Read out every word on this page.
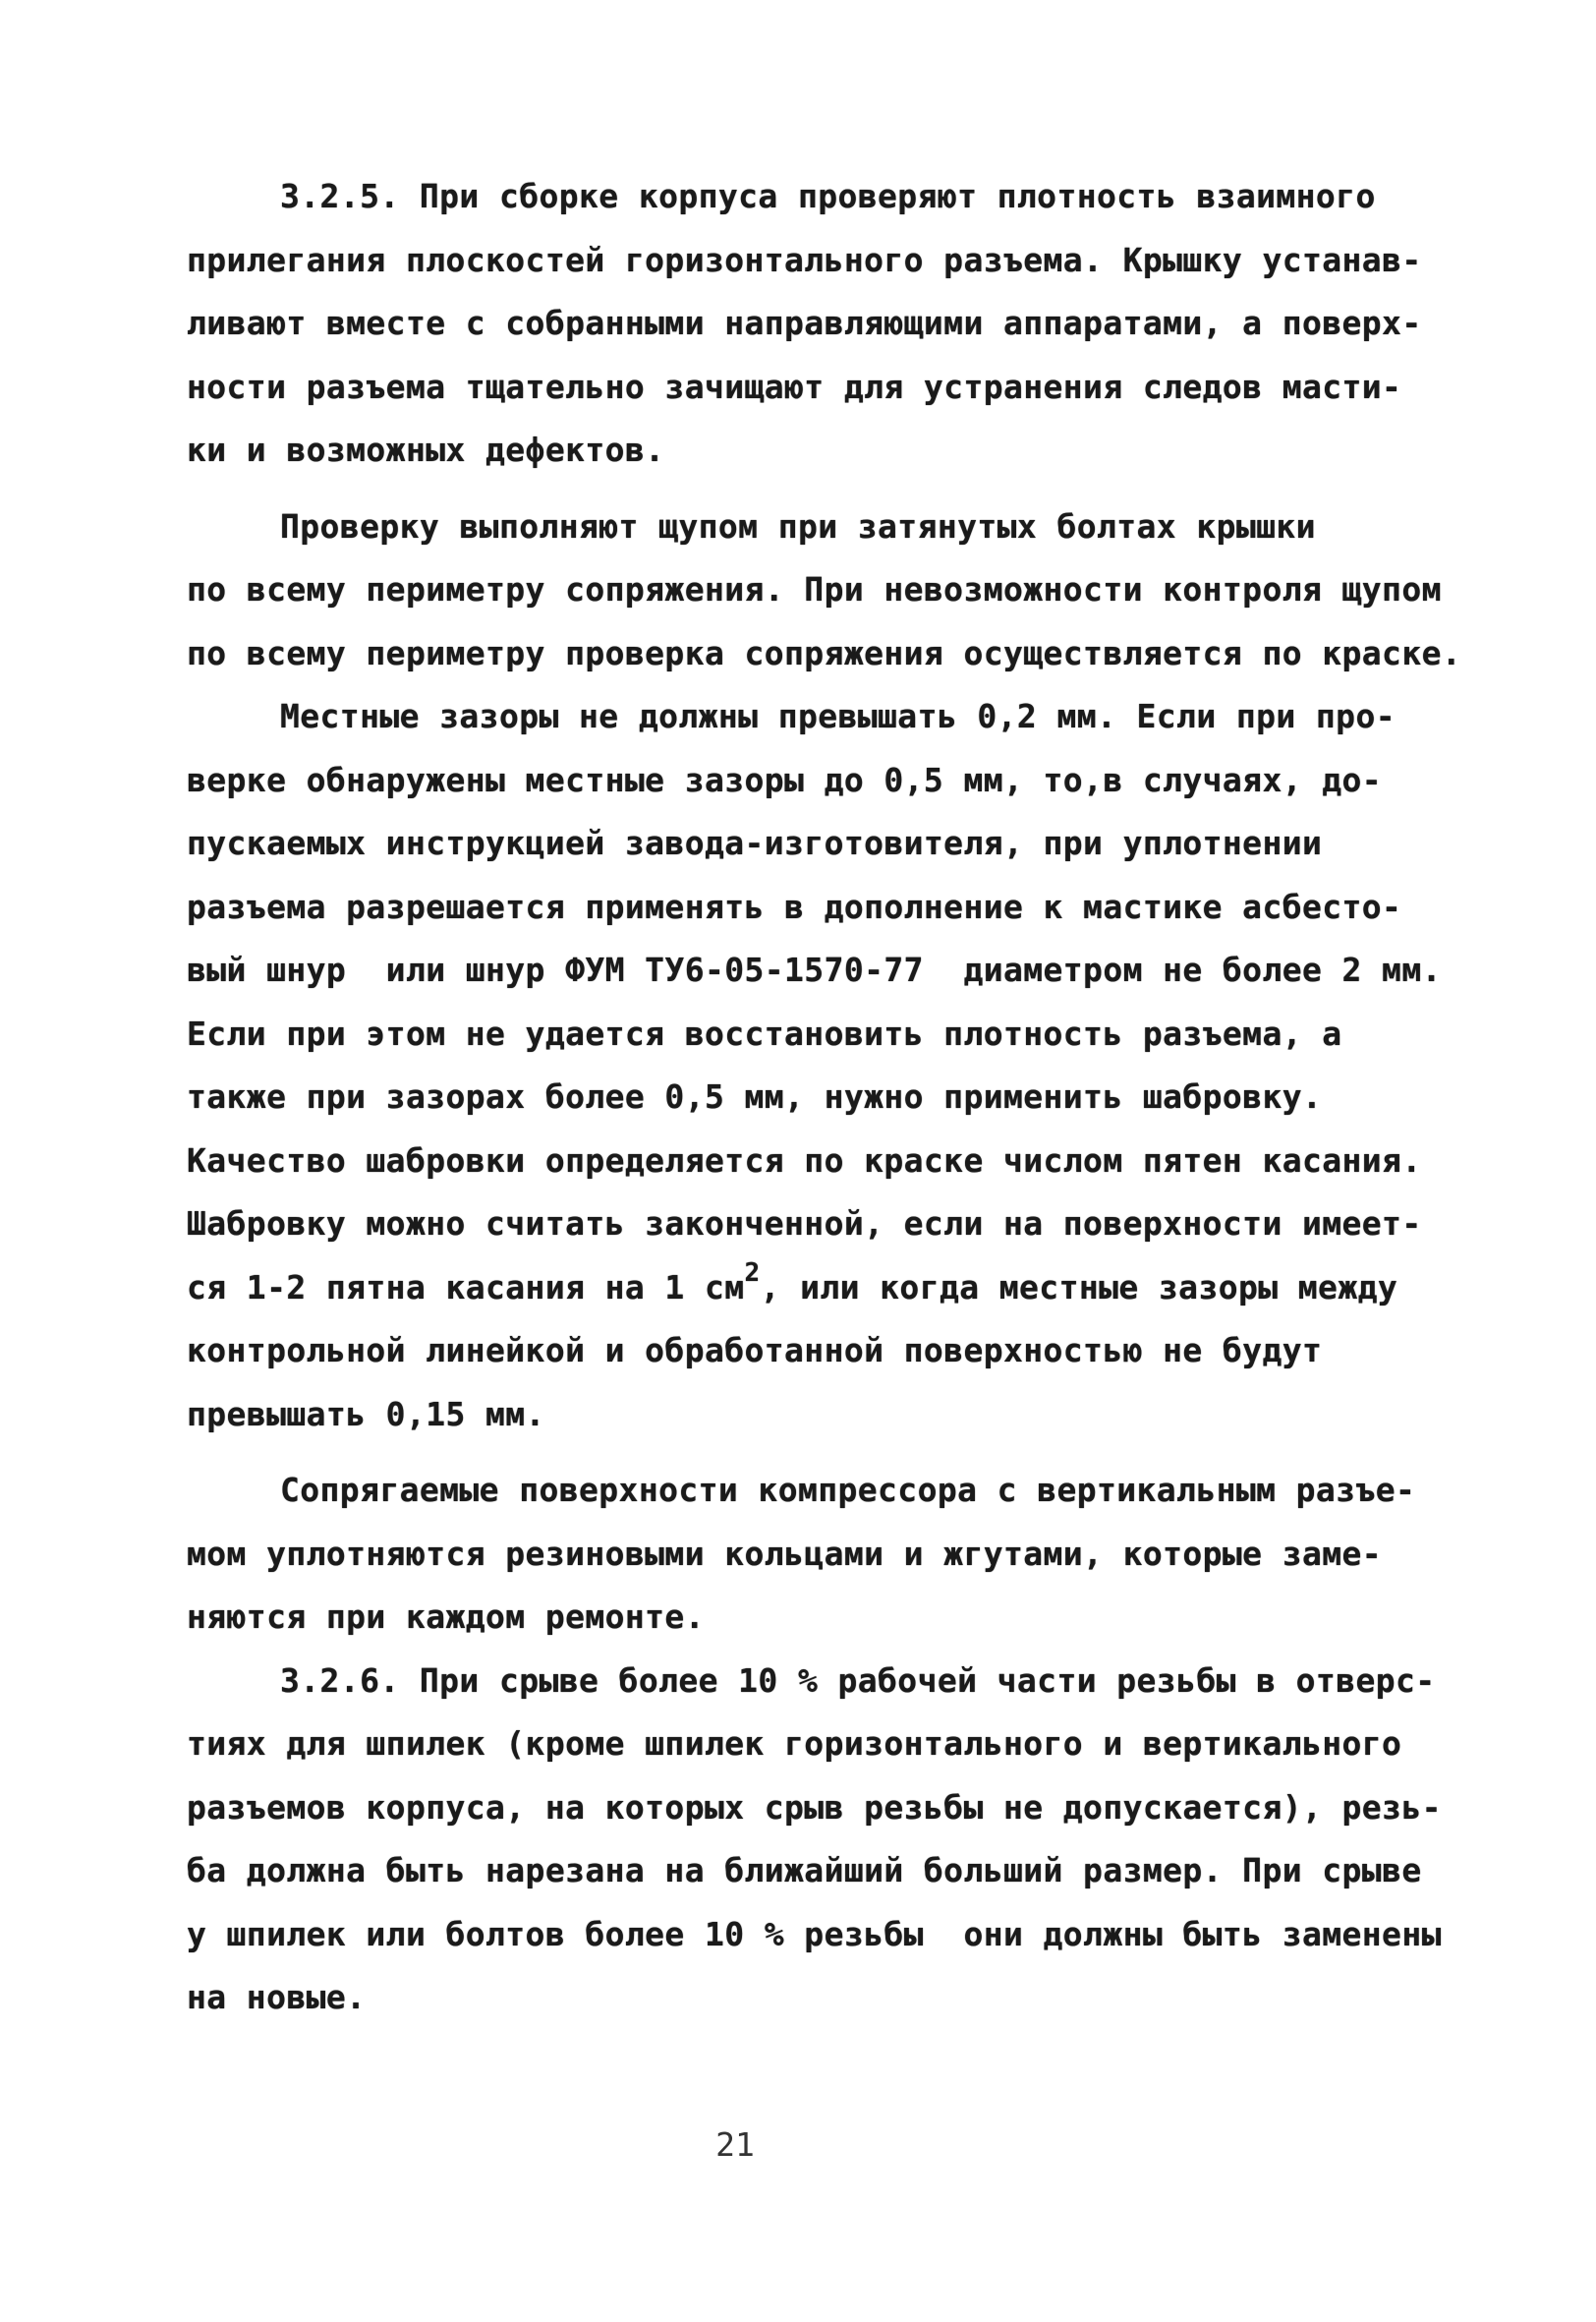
3.2.5. При сборке корпуса проверяют плотность взаимного
прилегания плоскостей горизонтального разъема. Крышку устанав-
ливают вместе с собранными направляющими аппаратами, а поверх-
ности разъема тщательно зачищают для устранения следов масти-
ки и возможных дефектов.
Проверку выполняют щупом при затянутых болтах крышки
по всему периметру сопряжения. При невозможности контроля щупом
по всему периметру проверка сопряжения осуществляется по краске.
Местные зазоры не должны превышать 0,2 мм. Если при про-
верке обнаружены местные зазоры до 0,5 мм, то,в случаях, до-
пускаемых инструкцией завода-изготовителя, при уплотнении
разъема разрешается применять в дополнение к мастике асбесто-
вый шнур  или шнур ФУМ ТУ6-05-1570-77  диаметром не более 2 мм.
Если при этом не удается восстановить плотность разъема, а
также при зазорах более 0,5 мм, нужно применить шабровку.
Качество шабровки определяется по краске числом пятен касания.
Шабровку можно считать законченной, если на поверхности имеет-
ся 1-2 пятна касания на 1 $см^2$, или когда местные зазоры между
контрольной линейкой и обработанной поверхностью не будут
превышать 0,15 мм.
Сопрягаемые поверхности компрессора с вертикальным разъе-
мом уплотняются резиновыми кольцами и жгутами, которые заме-
няются при каждом ремонте.
3.2.6. При срыве более 10 % рабочей части резьбы в отверс-
тиях для шпилек (кроме шпилек горизонтального и вертикального
разъемов корпуса, на которых срыв резьбы не допускается), резь-
ба должна быть нарезана на ближайший больший размер. При срыве
у шпилек или болтов более 10 % резьбы  они должны быть заменены
на новые.
21
